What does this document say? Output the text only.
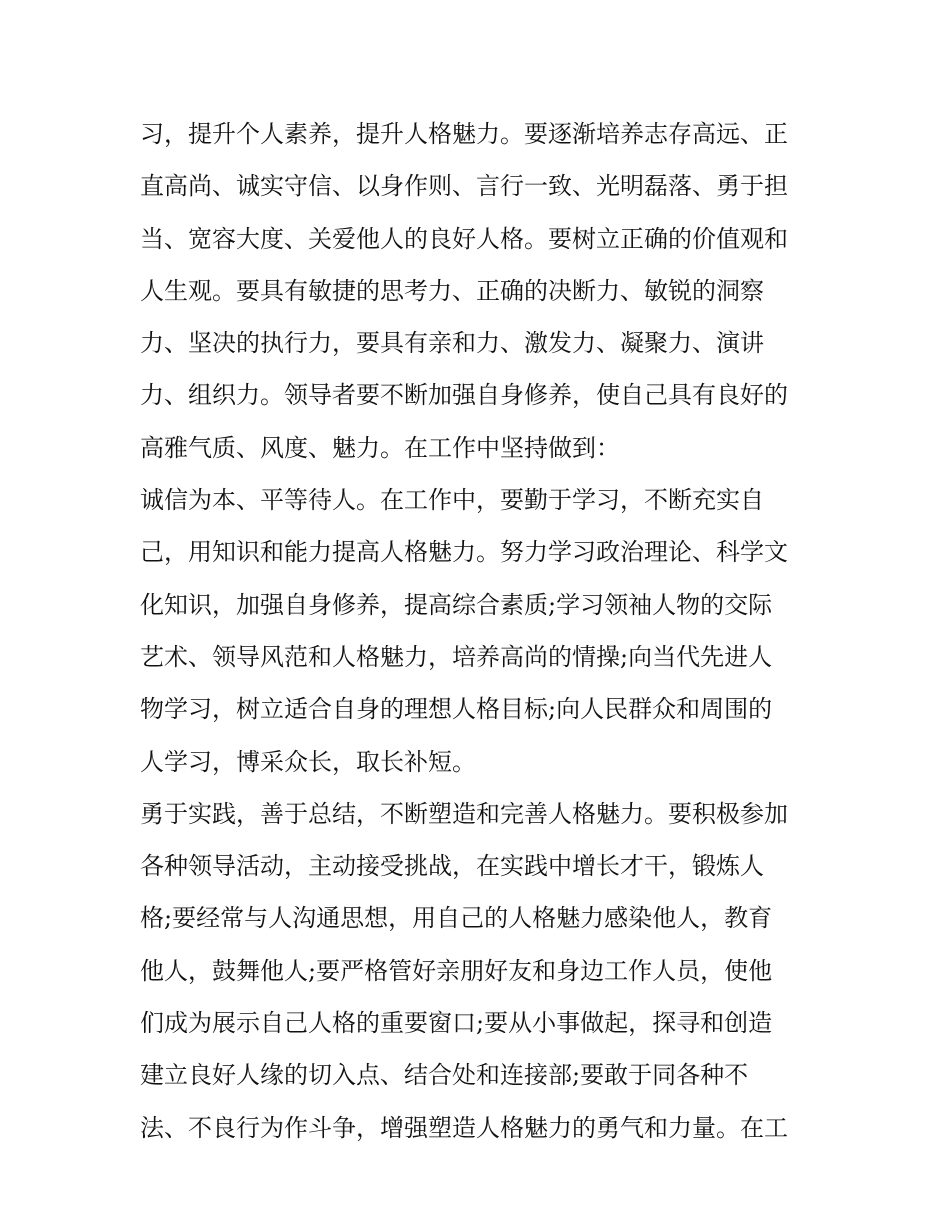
习，提升个人素养，提升人格魅力。要逐渐培养志存高远、正

直高尚、诚实守信、以身作则、言行一致、光明磊落、勇于担

当、宽容大度、关爱他人的良好人格。要树立正确的价值观和

人生观。要具有敏捷的思考力、正确的决断力、敏锐的洞察

力、坚决的执行力，要具有亲和力、激发力、凝聚力、演讲

力、组织力。领导者要不断加强自身修养，使自己具有良好的

高雅气质、风度、魅力。在工作中坚持做到：

诚信为本、平等待人。在工作中，要勤于学习，不断充实自

己，用知识和能力提高人格魅力。努力学习政治理论、科学文

化知识，加强自身修养，提高综合素质;学习领袖人物的交际

艺术、领导风范和人格魅力，培养高尚的情操;向当代先进人

物学习，树立适合自身的理想人格目标;向人民群众和周围的

人学习，博采众长，取长补短。

勇于实践，善于总结，不断塑造和完善人格魅力。要积极参加

各种领导活动，主动接受挑战，在实践中增长才干，锻炼人

格;要经常与人沟通思想，用自己的人格魅力感染他人，教育

他人，鼓舞他人;要严格管好亲朋好友和身边工作人员，使他

们成为展示自己人格的重要窗口;要从小事做起，探寻和创造

建立良好人缘的切入点、结合处和连接部;要敢于同各种不

法、不良行为作斗争，增强塑造人格魅力的勇气和力量。在工
